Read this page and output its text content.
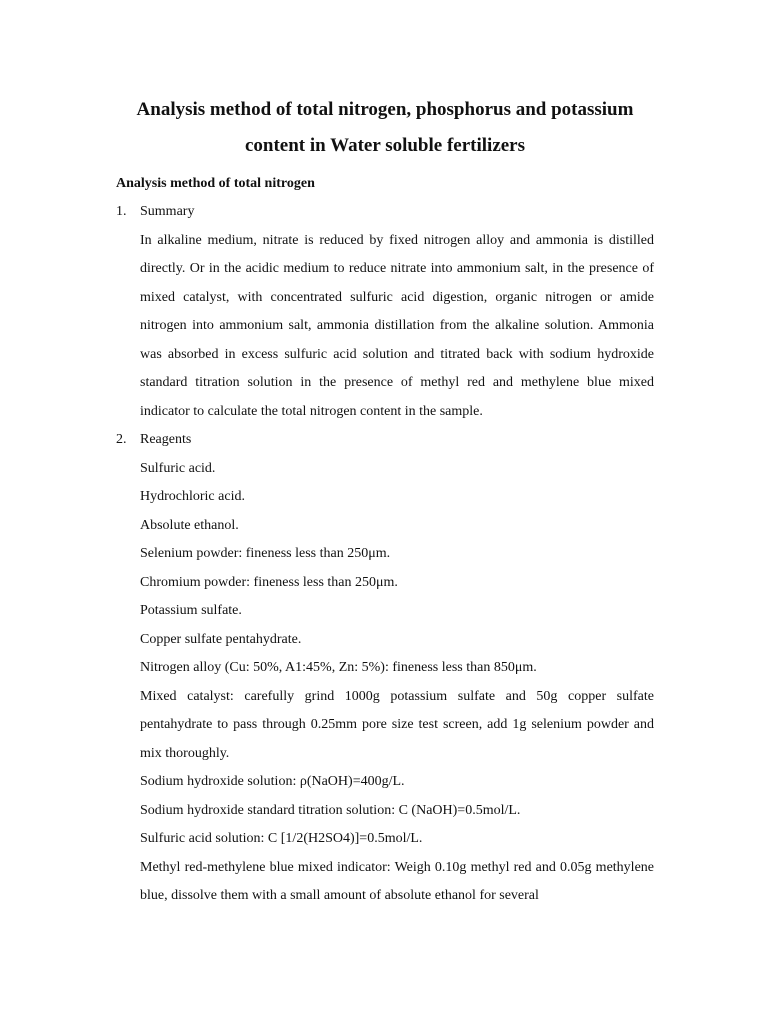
Analysis method of total nitrogen, phosphorus and potassium
content in Water soluble fertilizers
Analysis method of total nitrogen
1. Summary

In alkaline medium, nitrate is reduced by fixed nitrogen alloy and ammonia is distilled directly. Or in the acidic medium to reduce nitrate into ammonium salt, in the presence of mixed catalyst, with concentrated sulfuric acid digestion, organic nitrogen or amide nitrogen into ammonium salt, ammonia distillation from the alkaline solution. Ammonia was absorbed in excess sulfuric acid solution and titrated back with sodium hydroxide standard titration solution in the presence of methyl red and methylene blue mixed indicator to calculate the total nitrogen content in the sample.

2. Reagents

Sulfuric acid.

Hydrochloric acid.

Absolute ethanol.

Selenium powder: fineness less than 250μm.

Chromium powder: fineness less than 250μm.

Potassium sulfate.

Copper sulfate pentahydrate.

Nitrogen alloy (Cu: 50%, A1:45%, Zn: 5%): fineness less than 850μm.

Mixed catalyst: carefully grind 1000g potassium sulfate and 50g copper sulfate pentahydrate to pass through 0.25mm pore size test screen, add 1g selenium powder and mix thoroughly.

Sodium hydroxide solution: ρ(NaOH)=400g/L.

Sodium hydroxide standard titration solution: C (NaOH)=0.5mol/L.

Sulfuric acid solution: C [1/2(H2SO4)]=0.5mol/L.

Methyl red-methylene blue mixed indicator: Weigh 0.10g methyl red and 0.05g methylene blue, dissolve them with a small amount of absolute ethanol for several
